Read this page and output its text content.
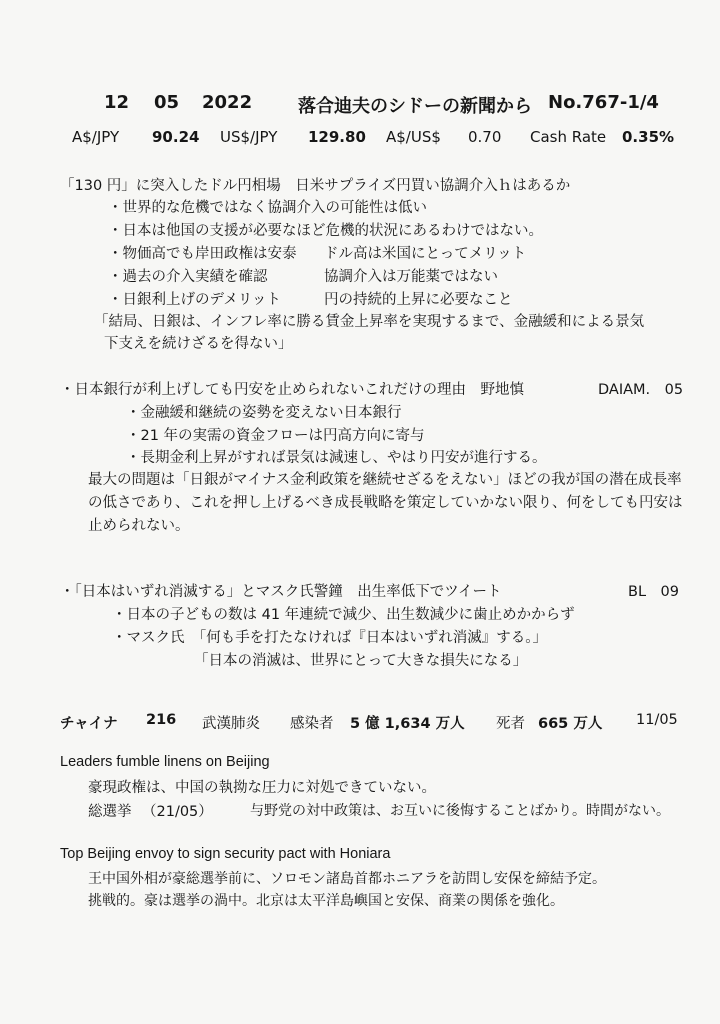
12 05 2022	落合迪夫のシドーの新聞から No.767-1/4
A$/JPY 90.24 US$/JPY 129.80 A$/US$ 0.70 Cash Rate 0.35%
「130 円」に突入したドル円相場　日米サプライズ円買い協調介入ｈはあるか
・世界的な危機ではなく協調介入の可能性は低い
・日本は他国の支援が必要なほど危機的状況にあるわけではない。
・物価高でも岸田政権は安泰 ドル高は米国にとってメリット
・過去の介入実績を確認	協調介入は万能薬ではない
・日銀利上げのデメリット	円の持続的上昇に必要なこと
「結局、日銀は、インフレ率に勝る賃金上昇率を実現するまで、金融緩和による景気
下支えを続けざるを得ない」
・日本銀行が利上げしても円安を止められないこれだけの理由　野地慎	DAIAM.　05
・金融緩和継続の姿勢を変えない日本銀行
・21 年の実需の資金フローは円高方向に寄与
・長期金利上昇がすれば景気は減速し、やはり円安が進行する。
最大の問題は「日銀がマイナス金利政策を継続せざるをえない」ほどの我が国の潜在成長率
の低さであり、これを押し上げるべき成長戦略を策定していかない限り、何をしても円安は
止められない。
・「日本はいずれ消滅する」とマスク氏警鐘　出生率低下でツイート	BL　09
・日本の子どもの数は 41 年連続で減少、出生数減少に歯止めかからず
・マスク氏　「何も手を打たなければ『日本はいずれ消滅』する。」
「日本の消滅は、世界にとって大きな損失になる」
チャイナ 216 武漢肺炎 感染者 5 億 1,634 万人 死者 665 万人 11/05
Leaders fumble linens on Beijing
豪現政権は、中国の執拗な圧力に対処できていない。
総選挙 （21/05）	与野党の対中政策は、お互いに後悔することばかり。時間がない。
Top Beijing envoy to sign security pact with Honiara
王中国外相が豪総選挙前に、ソロモン諸島首都ホニアラを訪問し安保を締結予定。
挑戦的。豪は選挙の渦中。北京は太平洋島嶼国と安保、商業の関係を強化。
